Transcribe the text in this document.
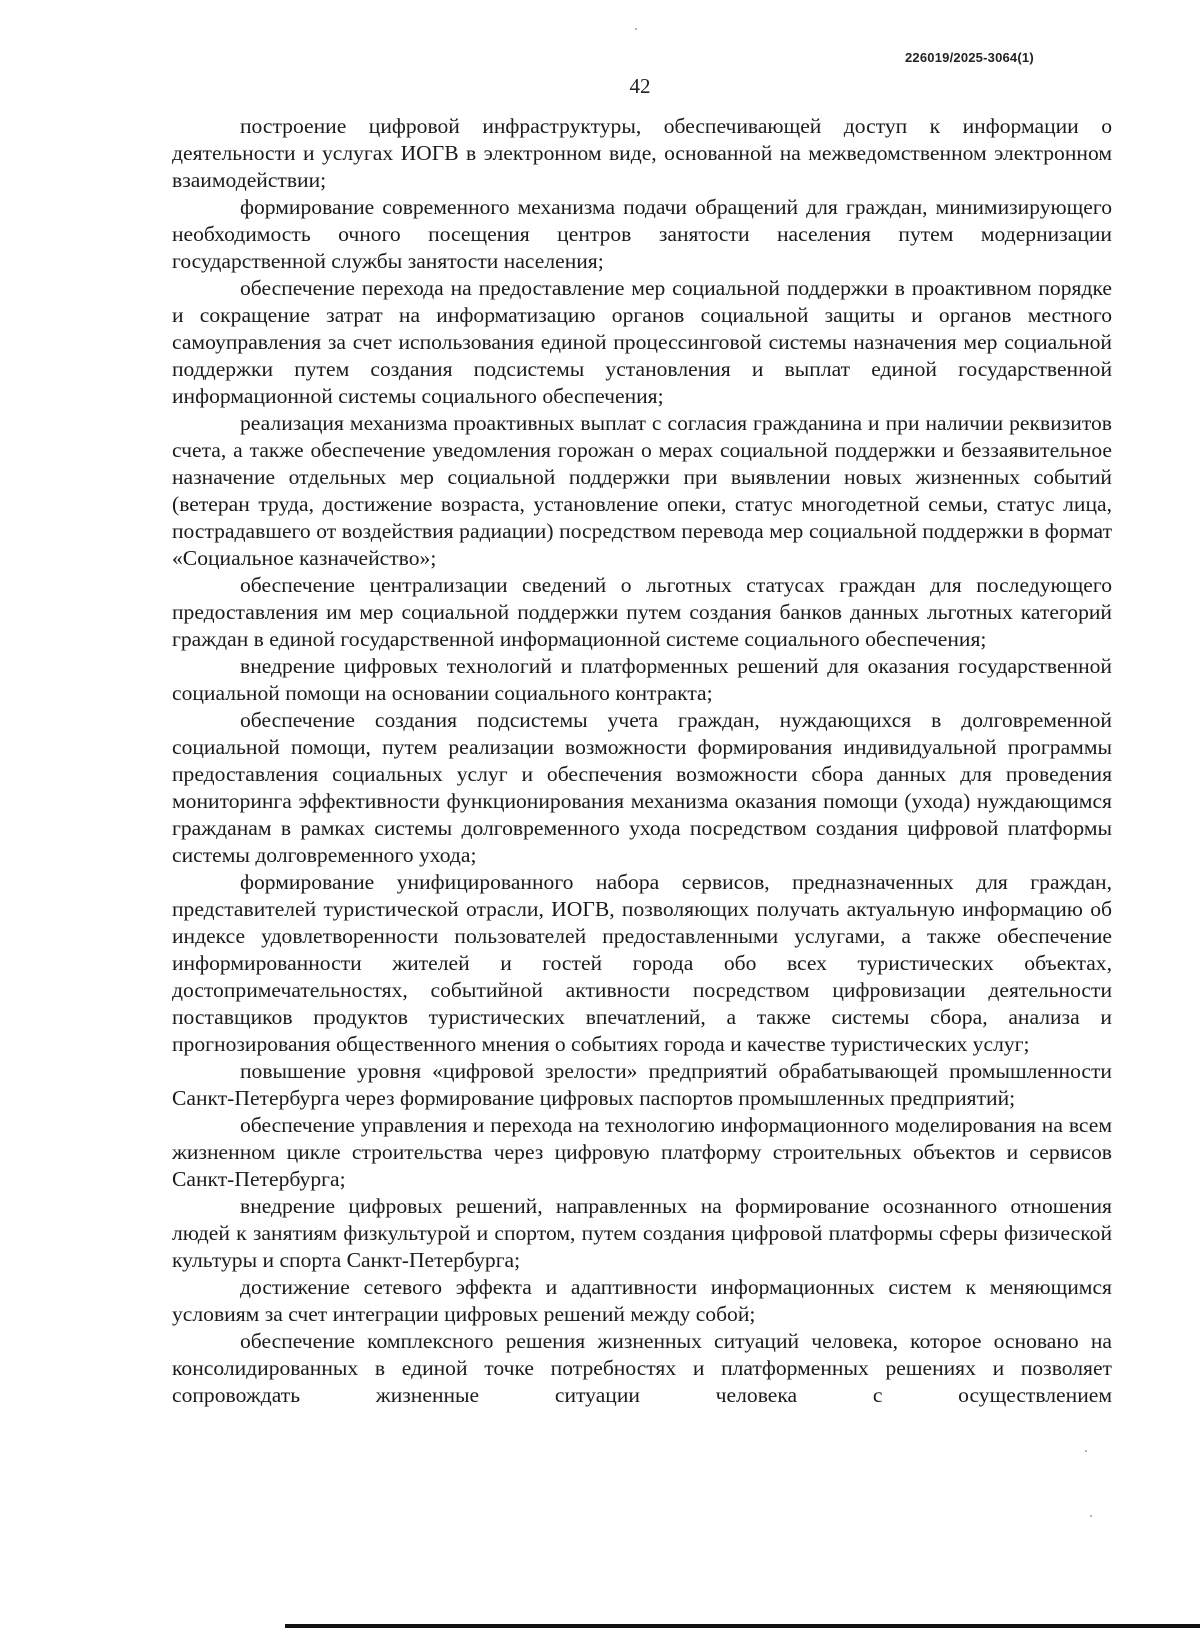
226019/2025-3064(1)
42

построение цифровой инфраструктуры, обеспечивающей доступ к информации о деятельности и услугах ИОГВ в электронном виде, основанной на межведомственном электронном взаимодействии;

формирование современного механизма подачи обращений для граждан, минимизирующего необходимость очного посещения центров занятости населения путем модернизации государственной службы занятости населения;

обеспечение перехода на предоставление мер социальной поддержки в проактивном порядке и сокращение затрат на информатизацию органов социальной защиты и органов местного самоуправления за счет использования единой процессинговой системы назначения мер социальной поддержки путем создания подсистемы установления и выплат единой государственной информационной системы социального обеспечения;

реализация механизма проактивных выплат с согласия гражданина и при наличии реквизитов счета, а также обеспечение уведомления горожан о мерах социальной поддержки и беззаявительное назначение отдельных мер социальной поддержки при выявлении новых жизненных событий (ветеран труда, достижение возраста, установление опеки, статус многодетной семьи, статус лица, пострадавшего от воздействия радиации) посредством перевода мер социальной поддержки в формат «Социальное казначейство»;

обеспечение централизации сведений о льготных статусах граждан для последующего предоставления им мер социальной поддержки путем создания банков данных льготных категорий граждан в единой государственной информационной системе социального обеспечения;

внедрение цифровых технологий и платформенных решений для оказания государственной социальной помощи на основании социального контракта;

обеспечение создания подсистемы учета граждан, нуждающихся в долговременной социальной помощи, путем реализации возможности формирования индивидуальной программы предоставления социальных услуг и обеспечения возможности сбора данных для проведения мониторинга эффективности функционирования механизма оказания помощи (ухода) нуждающимся гражданам в рамках системы долговременного ухода посредством создания цифровой платформы системы долговременного ухода;

формирование унифицированного набора сервисов, предназначенных для граждан, представителей туристической отрасли, ИОГВ, позволяющих получать актуальную информацию об индексе удовлетворенности пользователей предоставленными услугами, а также обеспечение информированности жителей и гостей города обо всех туристических объектах, достопримечательностях, событийной активности посредством цифровизации деятельности поставщиков продуктов туристических впечатлений, а также системы сбора, анализа и прогнозирования общественного мнения о событиях города и качестве туристических услуг;

повышение уровня «цифровой зрелости» предприятий обрабатывающей промышленности Санкт-Петербурга через формирование цифровых паспортов промышленных предприятий;

обеспечение управления и перехода на технологию информационного моделирования на всем жизненном цикле строительства через цифровую платформу строительных объектов и сервисов Санкт-Петербурга;

внедрение цифровых решений, направленных на формирование осознанного отношения людей к занятиям физкультурой и спортом, путем создания цифровой платформы сферы физической культуры и спорта Санкт-Петербурга;

достижение сетевого эффекта и адаптивности информационных систем к меняющимся условиям за счет интеграции цифровых решений между собой;

обеспечение комплексного решения жизненных ситуаций человека, которое основано на консолидированных в единой точке потребностях и платформенных решениях и позволяет сопровождать жизненные ситуации человека с осуществлением
